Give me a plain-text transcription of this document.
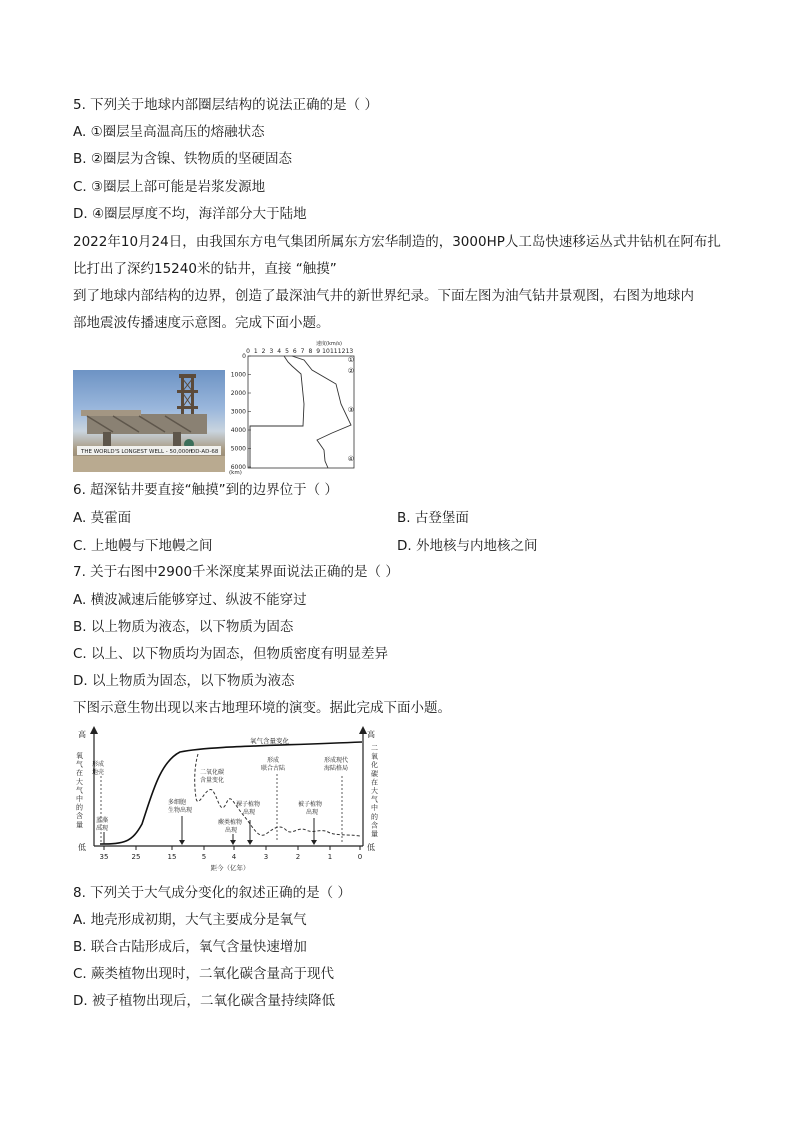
5. 下列关于地球内部圈层结构的说法正确的是（ ）
A. ①圈层呈高温高压的熔融状态
B. ②圈层为含镍、铁物质的坚硬固态
C. ③圈层上部可能是岩浆发源地
D. ④圈层厚度不均，海洋部分大于陆地
2022年10月24日，由我国东方电气集团所属东方宏华制造的，3000HP人工岛快速移运丛式井钻机在阿布扎
比打出了深约15240米的钻井，直接 “触摸”
到了地球内部结构的边界，创造了最深油气井的新世界纪录。下面左图为油气钻井景观图，右图为地球内
部地震波传播速度示意图。完成下面小题。
THE WORLD'S LONGEST WELL - 50,000ft
DD-AD-68
速度(km/s)
0 1 2 3 4 5 6 7 8 9 10 11 12 13
0
1000
2000
3000
4000
5000
6000
(km)
①
②
③
④
6. 超深钻井要直接“触摸”到的边界位于（ ）
A. 莫霍面	B. 古登堡面
C. 上地幔与下地幔之间	D. 外地核与内地核之间
7. 关于右图中2900千米深度某界面说法正确的是（ ）
A. 横波减速后能够穿过、纵波不能穿过
B. 以上物质为液态，以下物质为固态
C. 以上、以下物质均为固态，但物质密度有明显差异
D. 以上物质为固态，以下物质为液态
下图示意生物出现以来古地理环境的演变。据此完成下面小题。
高
低
高
低
氧气在大气中的含量
二氧化碳在大气中的含量
氧气含量变化
二氧化碳
含量变化
形成
地壳
蓝藻
出现
多细胞
生物出现
蕨类植物
出现
裸子植物
出现
形成
联合古陆
被子植物
出现
形成现代
海陆格局
35	25	15	5	4	3	2	1	0
距今（亿年）
8. 下列关于大气成分变化的叙述正确的是（ ）
A. 地壳形成初期，大气主要成分是氧气
B. 联合古陆形成后，氧气含量快速增加
C. 蕨类植物出现时，二氧化碳含量高于现代
D. 被子植物出现后，二氧化碳含量持续降低
